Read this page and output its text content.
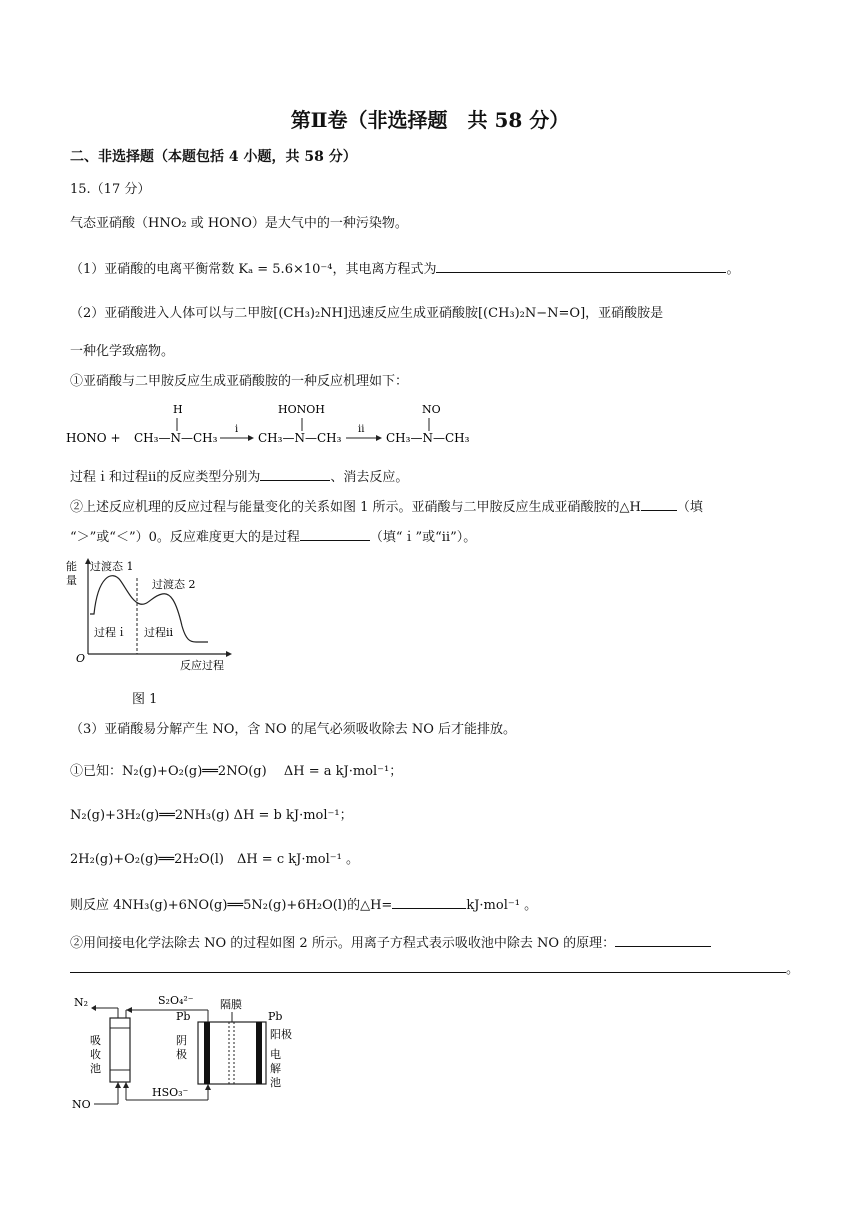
第Ⅱ卷（非选择题　共 58 分）
二、非选择题（本题包括 4 小题，共 58 分）
15.（17 分）
气态亚硝酸（HNO₂ 或 HONO）是大气中的一种污染物。
（1）亚硝酸的电离平衡常数 Kₐ = 5.6×10⁻⁴，其电离方程式为	。
（2）亚硝酸进入人体可以与二甲胺[(CH₃)₂NH]迅速反应生成亚硝酸胺[(CH₃)₂N−N=O]，亚硝酸胺是
一种化学致癌物。
①亚硝酸与二甲胺反应生成亚硝酸胺的一种反应机理如下：
HONO +
H
CH₃—N—CH₃
i
HONOH
CH₃—N—CH₃
ii
NO
CH₃—N—CH₃
过程ｉ和过程ⅱ的反应类型分别为	、消去反应。
②上述反应机理的反应过程与能量变化的关系如图 1 所示。亚硝酸与二甲胺反应生成亚硝酸胺的△H	（填
“＞”或“＜”）0。反应难度更大的是过程	（填“ｉ”或“ⅱ”）。
能
量
O
反应过程
过渡态 1
过渡态 2
过程ｉ 过程ⅱ
图 1
（3）亚硝酸易分解产生 NO，含 NO 的尾气必须吸收除去 NO 后才能排放。
①已知：N₂(g)+O₂(g)══2NO(g)　 ΔH = a kJ·mol⁻¹；
N₂(g)+3H₂(g)══2NH₃(g) ΔH = b kJ·mol⁻¹；
2H₂(g)+O₂(g)══2H₂O(l)　ΔH = c kJ·mol⁻¹ 。
则反应 4NH₃(g)+6NO(g)══5N₂(g)+6H₂O(l)的△H=	kJ·mol⁻¹ 。
②用间接电化学法除去 NO 的过程如图 2 所示。用离子方程式表示吸收池中除去 NO 的原理：
。
N₂
吸
收
池
S₂O₄²⁻
Pb
隔膜
Pb
阳极
阴
极	电
解
池
HSO₃⁻
NO
